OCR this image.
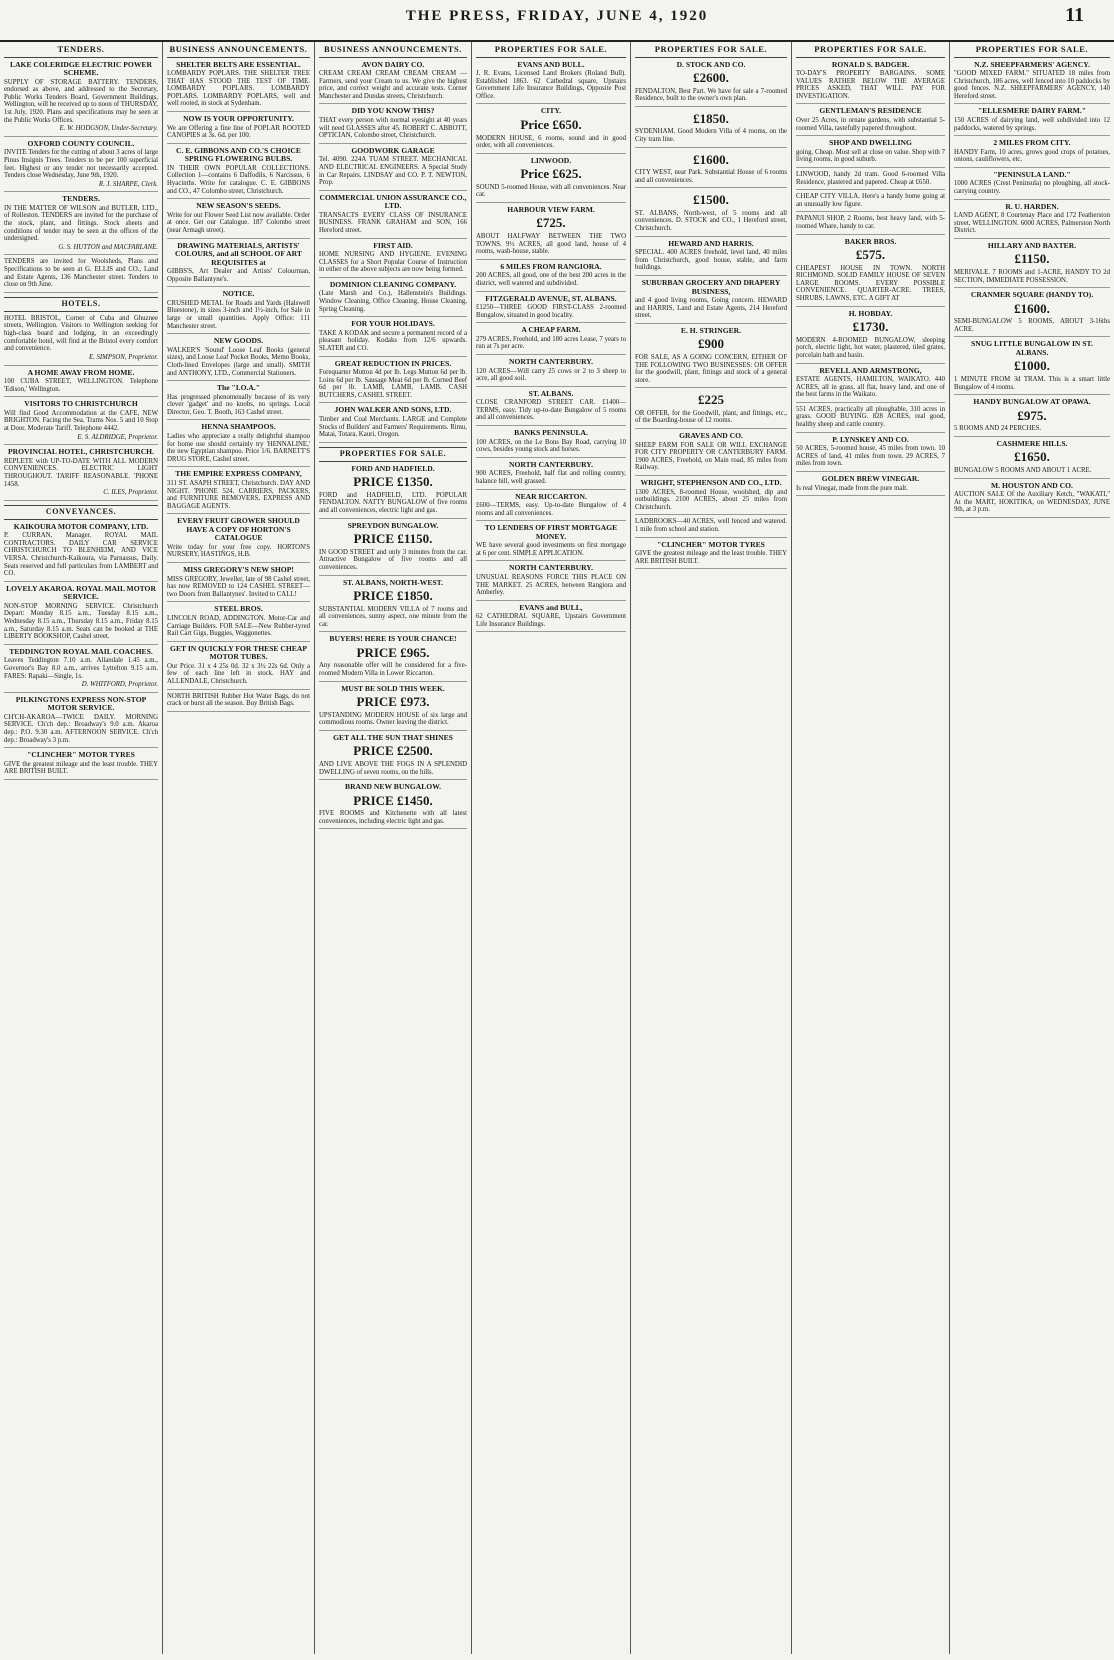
THE PRESS, FRIDAY, JUNE 4, 1920	11
TENDERS.
LAKE COLERIDGE ELECTRIC POWER SCHEME.
SUPPLY OF STORAGE BATTERY. TENDERS, endorsed as above, and addressed to the Secretary, Public Works Tenders Board, Government Buildings, Wellington, will be received up to noon of THURSDAY, 1st July, 1920. Plans and specifications may be seen at the Public Works Offices.
E. W. HODGSON, Under-Secretary.
OXFORD COUNTY COUNCIL.
INVITE Tenders for the cutting of about 3 acres of large Pinus Insignis Trees. Tenders to be per 100 superficial feet. Highest or any tender not necessarily accepted. Tenders close Wednesday, June 9th, 1920.
R. J. SHARPE, Clerk.
TENDERS.
IN THE MATTER OF WILSON and BUTLER, LTD., of Rolleston. TENDERS are invited for the purchase of the stock, plant, and fittings. Stock sheets and conditions of tender may be seen at the offices of the undersigned.
G. S. HUTTON and MACFARLANE.
TENDERS are invited for Woolsheds, Plans and Specifications to be seen at G. ELLIS and CO., Land and Estate Agents, 136 Manchester street. Tenders to close on 9th June.
HOTELS.
HOTEL BRISTOL, Corner of Cuba and Ghuznee streets, Wellington. Visitors to Wellington seeking for high-class board and lodging, in an exceedingly comfortable hotel, will find at the Bristol every comfort and convenience.
E. SIMPSON, Proprietor.
A HOME AWAY FROM HOME.
100 CUBA STREET, WELLINGTON. Telephone 'Edison,' Wellington.
VISITORS TO CHRISTCHURCH
Will find Good Accommodation at the CAFE, NEW BRIGHTON. Facing the Sea. Trams Nos. 5 and 10 Stop at Door. Moderate Tariff. Telephone 4442.
E. S. ALDRIDGE, Proprietor.
PROVINCIAL HOTEL, CHRISTCHURCH.
REPLETE with UP-TO-DATE WITH ALL MODERN CONVENIENCES. ELECTRIC LIGHT THROUGHOUT. TARIFF REASONABLE. 'PHONE 1458.
C. ILES, Proprietor.
CONVEYANCES.
KAIKOURA MOTOR COMPANY, LTD.
P. CURRAN, Manager. ROYAL MAIL CONTRACTORS. DAILY CAR SERVICE CHRISTCHURCH TO BLENHEIM, AND VICE VERSA. Christchurch-Kaikoura, via Parnassus, Daily. Seats reserved and full particulars from LAMBERT and CO.
LOVELY AKAROA. ROYAL MAIL MOTOR SERVICE.
NON-STOP MORNING SERVICE. Christchurch Depart: Monday 8.15 a.m., Tuesday 8.15 a.m., Wednesday 8.15 a.m., Thursday 8.15 a.m., Friday 8.15 a.m., Saturday 8.15 a.m. Seats can be booked at THE LIBERTY BOOKSHOP, Cashel street.
TEDDINGTON ROYAL MAIL COACHES.
Leaves Teddington 7.10 a.m. Allandale 1.45 a.m., Governor's Bay 8.0 a.m., arrives Lyttelton 9.15 a.m. FARES: Rapaki—Single, 1s.
D. WHITFORD, Proprietor.
PILKINGTONS EXPRESS NON-STOP MOTOR SERVICE.
CH'CH-AKAROA—TWICE DAILY. MORNING SERVICE. Ch'ch dep.: Broadway's 9.0 a.m. Akaroa dep.: P.O. 9.30 a.m. AFTERNOON SERVICE. Ch'ch dep.: Broadway's 3 p.m.
"CLINCHER" MOTOR TYRES
GIVE the greatest mileage and the least trouble. THEY ARE BRITISH BUILT.
BUSINESS ANNOUNCEMENTS.
SHELTER BELTS ARE ESSENTIAL.
LOMBARDY POPLARS. THE SHELTER TREE THAT HAS STOOD THE TEST OF TIME. LOMBARDY POPLARS. LOMBARDY POPLARS. LOMBARDY POPLARS, well and well rooted, in stock at Sydenham.
NOW IS YOUR OPPORTUNITY.
We are Offering a fine line of POPLAR ROOTED CANOPIES at 3s. 6d. per 100.
C. E. GIBBONS AND CO.'S CHOICE SPRING FLOWERING BULBS.
IN THEIR OWN POPULAR COLLECTIONS. Collection 1—contains 6 Daffodils, 6 Narcissus, 6 Hyacinths. Write for catalogue. C. E. GIBBONS and CO., 47 Colombo street, Christchurch.
NEW SEASON'S SEEDS.
Write for our Flower Seed List now available. Order at once. Get our Catalogue. 187 Colombo street (near Armagh street).
DRAWING MATERIALS, ARTISTS' COLOURS, and all SCHOOL OF ART REQUISITES at
GIBBS'S, Art Dealer and Artists' Colourman, Opposite Ballantyne's.
NOTICE.
CRUSHED METAL for Roads and Yards (Halswell Bluestone), in sizes 3-inch and 1½-inch, for Sale in large or small quantities. Apply Office: 111 Manchester street.
NEW GOODS.
WALKER'S 'Sound' Loose Leaf Books (general sizes), and Loose Leaf Pocket Books, Memo Books, Cloth-lined Envelopes (large and small). SMITH and ANTHONY, LTD., Commercial Stationers.
The "I.O.A."
Has progressed phenomenally because of its very clever 'gadget' and no knobs, no springs. Local Director, Geo. T. Booth, 163 Cashel street.
HENNA SHAMPOOS.
Ladies who appreciate a really delightful shampoo for home use should certainly try 'HENNALINE,' the new Egyptian shampoo. Price 1/6. BARNETT'S DRUG STORE, Cashel street.
THE EMPIRE EXPRESS COMPANY,
311 ST. ASAPH STREET, Christchurch. DAY AND NIGHT. 'PHONE 524. CARRIERS, PACKERS, and FURNITURE REMOVERS, EXPRESS AND BAGGAGE AGENTS.
EVERY FRUIT GROWER SHOULD HAVE A COPY OF HORTON'S CATALOGUE
Write today for your free copy. HORTON'S NURSERY, HASTINGS, H.B.
MISS GREGORY'S NEW SHOP!
MISS GREGORY, Jeweller, late of 98 Cashel street, has now REMOVED to 124 CASHEL STREET—two Doors from Ballantynes'. Invited to CALL!
STEEL BROS.
LINCOLN ROAD, ADDINGTON. Motor-Car and Carriage Builders. FOR SALE—New Rubber-tyred Rail Cart Gigs, Buggies, Waggonettes.
GET IN QUICKLY FOR THESE CHEAP MOTOR TUBES.
Our Price. 31 x 4 25s 0d. 32 x 3½ 22s 6d. Only a few of each line left in stock. HAY and ALLENDALE, Christchurch.
NORTH BRITISH Rubber Hot Water Bags, do not crack or burst all the season. Buy British Bags.
BUSINESS ANNOUNCEMENTS.
AVON DAIRY CO.
CREAM CREAM CREAM CREAM CREAM — Farmers, send your Cream to us. We give the highest price, and correct weight and accurate tests. Corner Manchester and Dundas streets, Christchurch.
DID YOU KNOW THIS?
THAT every person with normal eyesight at 40 years will need GLASSES after 45. ROBERT C. ABBOTT, OPTICIAN, Colombo street, Christchurch.
GOODWORK GARAGE
Tel. 4090. 224A TUAM STREET. MECHANICAL AND ELECTRICAL ENGINEERS. A Special Study in Car Repairs. LINDSAY and CO. P. T. NEWTON, Prop.
COMMERCIAL UNION ASSURANCE CO., LTD.
TRANSACTS EVERY CLASS OF INSURANCE BUSINESS. FRANK GRAHAM and SON, 166 Hereford street.
FIRST AID.
HOME NURSING AND HYGIENE. EVENING CLASSES for a Short Popular Course of Instruction in either of the above subjects are now being formed.
DOMINION CLEANING COMPANY.
(Late Marsh and Co.), Hallenstein's Buildings. Window Cleaning, Office Cleaning, House Cleaning, Spring Cleaning.
FOR YOUR HOLIDAYS.
TAKE A KODAK and secure a permanent record of a pleasant holiday. Kodaks from 12/6 upwards. SLATER and CO.
GREAT REDUCTION IN PRICES.
Forequarter Mutton 4d per lb. Legs Mutton 6d per lb. Loins 6d per lb. Sausage Meat 6d per lb. Corned Beef 6d per lb. LAMB, LAMB, LAMB. CASH BUTCHERS, CASHEL STREET.
JOHN WALKER AND SONS, LTD.
Timber and Coal Merchants. LARGE and Complete Stocks of Builders' and Farmers' Requirements. Rimu, Matai, Totara, Kauri, Oregon.
PROPERTIES FOR SALE.
FORD AND HADFIELD.
PRICE £1350.
FORD and HADFIELD, LTD. POPULAR FENDALTON. NATTY BUNGALOW of five rooms and all conveniences, electric light and gas.
SPREYDON BUNGALOW.
PRICE £1150.
IN GOOD STREET and only 3 minutes from the car. Attractive Bungalow of five rooms and all conveniences.
ST. ALBANS, NORTH-WEST.
PRICE £1850.
SUBSTANTIAL MODERN VILLA of 7 rooms and all conveniences, sunny aspect, one minute from the car.
BUYERS! HERE IS YOUR CHANCE!
PRICE £965.
Any reasonable offer will be considered for a five-roomed Modern Villa in Lower Riccarton.
MUST BE SOLD THIS WEEK.
PRICE £973.
UPSTANDING MODERN HOUSE of six large and commodious rooms. Owner leaving the district.
GET ALL THE SUN THAT SHINES
PRICE £2500.
AND LIVE ABOVE THE FOGS IN A SPLENDID DWELLING of seven rooms, on the hills.
BRAND NEW BUNGALOW.
PRICE £1450.
FIVE ROOMS and Kitchenette with all latest conveniences, including electric light and gas.
PROPERTIES FOR SALE.
EVANS AND BULL.
J. R. Evans, Licensed Land Brokers (Roland Bull). Established 1863. 62 Cathedral square, Upstairs Government Life Insurance Buildings, Opposite Post Office.
CITY.
Price £650.
MODERN HOUSE, 6 rooms, sound and in good order, with all conveniences.
LINWOOD.
Price £625.
SOUND 5-roomed House, with all conveniences. Near car.
HARBOUR VIEW FARM.
£725.
ABOUT HALFWAY BETWEEN THE TWO TOWNS. 9½ ACRES, all good land, house of 4 rooms, wash-house, stable.
6 MILES FROM RANGIORA.
200 ACRES, all good, one of the best 200 acres in the district, well watered and subdivided.
FITZGERALD AVENUE, ST. ALBANS.
£1250—THREE GOOD FIRST-CLASS 2-roomed Bungalow, situated in good locality.
A CHEAP FARM.
279 ACRES, Freehold, and 180 acres Lease, 7 years to run at 7s per acre.
NORTH CANTERBURY.
120 ACRES—Will carry 25 cows or 2 to 3 sheep to acre, all good soil.
ST. ALBANS.
CLOSE CRANFORD STREET CAR. £1400—TERMS, easy. Tidy up-to-date Bungalow of 5 rooms and all conveniences.
BANKS PENINSULA.
100 ACRES, on the Le Bons Bay Road, carrying 10 cows, besides young stock and horses.
NORTH CANTERBURY.
900 ACRES, Freehold, half flat and rolling country, balance hill, well grassed.
NEAR RICCARTON.
£600—TERMS, easy. Up-to-date Bungalow of 4 rooms and all conveniences.
TO LENDERS OF FIRST MORTGAGE MONEY.
WE have several good investments on first mortgage at 6 per cent. SIMPLE APPLICATION.
NORTH CANTERBURY.
UNUSUAL REASONS FORCE THIS PLACE ON THE MARKET. 25 ACRES, between Rangiora and Amberley.
EVANS and BULL,
62 CATHEDRAL SQUARE, Upstairs Government Life Insurance Buildings.
PROPERTIES FOR SALE.
D. STOCK AND CO.
£2600.
FENDALTON, Best Part. We have for sale a 7-roomed Residence, built to the owner's own plan.
£1850.
SYDENHAM. Good Modern Villa of 4 rooms, on the City tram line.
£1600.
CITY WEST, near Park. Substantial House of 6 rooms and all conveniences.
£1500.
ST. ALBANS, North-west, of 5 rooms and all conveniences. D. STOCK and CO., 1 Hereford street, Christchurch.
HEWARD AND HARRIS.
SPECIAL. 400 ACRES freehold, level land, 40 miles from Christchurch, good house, stable, and farm buildings.
SUBURBAN GROCERY AND DRAPERY BUSINESS,
and 4 good living rooms, Going concern. HEWARD and HARRIS, Land and Estate Agents, 214 Hereford street.
E. H. STRINGER.
£900
FOR SALE, AS A GOING CONCERN, EITHER OF THE FOLLOWING TWO BUSINESSES: OR OFFER for the goodwill, plant, fittings and stock of a general store.
£225
OR OFFER, for the Goodwill, plant, and fittings, etc., of the Boarding-house of 12 rooms.
GRAVES AND CO.
SHEEP FARM FOR SALE OR WILL EXCHANGE FOR CITY PROPERTY OR CANTERBURY FARM. 1900 ACRES, Freehold, on Main road, 85 miles from Railway.
WRIGHT, STEPHENSON AND CO., LTD.
1300 ACRES, 8-roomed House, woolshed, dip and outbuildings. 2100 ACRES, about 25 miles from Christchurch.
LADBROOKS—40 ACRES, well fenced and watered. 1 mile from school and station.
"CLINCHER" MOTOR TYRES
GIVE the greatest mileage and the least trouble. THEY ARE BRITISH BUILT.
PROPERTIES FOR SALE.
RONALD S. BADGER.
TO-DAY'S PROPERTY BARGAINS. SOME VALUES RATHER BELOW THE AVERAGE PRICES ASKED, THAT WILL PAY FOR INVESTIGATION.
GENTLEMAN'S RESIDENCE
Over 25 Acres, in ornate gardens, with substantial 5-roomed Villa, tastefully papered throughout.
SHOP AND DWELLING
going. Cheap. Most sell at close on value. Shop with 7 living rooms, in good suburb.
LINWOOD, handy 2d tram. Good 6-roomed Villa Residence, plastered and papered. Cheap at £650.
CHEAP CITY VILLA. Here's a handy home going at an unusually low figure.
PAPANUI SHOP, 2 Rooms, best heavy land, with 5-roomed Whare, handy to car.
BAKER BROS.
£575.
CHEAPEST HOUSE IN TOWN. NORTH RICHMOND. SOLID FAMILY HOUSE OF SEVEN LARGE ROOMS. EVERY POSSIBLE CONVENIENCE. QUARTER-ACRE. TREES, SHRUBS, LAWNS, ETC. A GIFT AT
H. HOBDAY.
£1730.
MODERN 4-ROOMED BUNGALOW, sleeping porch, electric light, hot water, plastered, tiled grates, porcelain bath and basin.
REVELL AND ARMSTRONG,
ESTATE AGENTS, HAMILTON, WAIKATO. 440 ACRES, all in grass, all flat, heavy land, and one of the best farms in the Waikato.
551 ACRES, practically all ploughable, 310 acres in grass. GOOD BUYING. 828 ACRES, real good, healthy sheep and cattle country.
P. LYNSKEY AND CO.
50 ACRES, 5-roomed house, 45 miles from town. 10 ACRES of land, 41 miles from town. 29 ACRES, 7 miles from town.
GOLDEN BREW VINEGAR.
Is real Vinegar, made from the pure malt.
PROPERTIES FOR SALE.
N.Z. SHEEPFARMERS' AGENCY.
"GOOD MIXED FARM." SITUATED 18 miles from Christchurch, 186 acres, well fenced into 10 paddocks by good fences. N.Z. SHEEPFARMERS' AGENCY, 140 Hereford street.
"ELLESMERE DAIRY FARM."
150 ACRES of dairying land, well subdivided into 12 paddocks, watered by springs.
2 MILES FROM CITY.
HANDY Farm, 10 acres, grows good crops of potatoes, onions, cauliflowers, etc.
"PENINSULA LAND."
1000 ACRES (Crest Peninsula) no ploughing, all stock-carrying country.
R. U. HARDEN.
LAND AGENT, 8 Courtenay Place and 172 Featherston street, WELLINGTON. 6000 ACRES, Palmerston North District.
HILLARY AND BAXTER.
£1150.
MERIVALE. 7 ROOMS and 1-ACRE, HANDY TO 2d SECTION, IMMEDIATE POSSESSION.
CRANMER SQUARE (HANDY TO).
£1600.
SEMI-BUNGALOW 5 ROOMS, ABOUT 3-16ths ACRE.
SNUG LITTLE BUNGALOW IN ST. ALBANS.
£1000.
1 MINUTE FROM 3d TRAM. This is a smart little Bungalow of 4 rooms.
HANDY BUNGALOW AT OPAWA.
£975.
5 ROOMS AND 24 PERCHES.
CASHMERE HILLS.
£1650.
BUNGALOW 5 ROOMS AND ABOUT 1 ACRE.
M. HOUSTON AND CO.
AUCTION SALE Of the Auxiliary Ketch, "WAKATI," At the MART, HOKITIKA, on WEDNESDAY, JUNE 9th, at 3 p.m.
